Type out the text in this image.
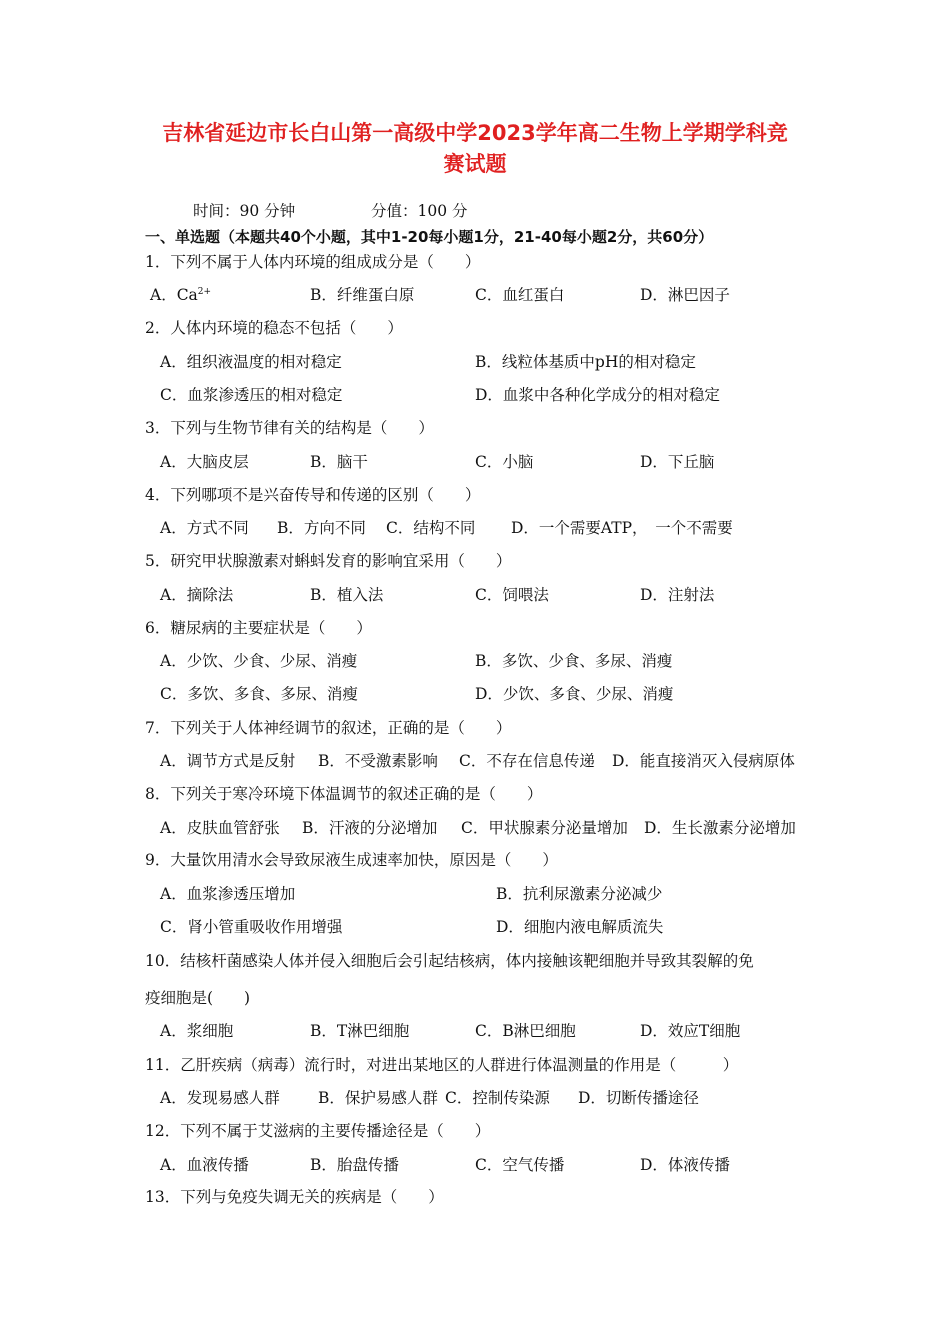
吉林省延边市长白山第一高级中学2023学年高二生物上学期学科竞
赛试题
时间：90 分钟	分值：100 分
一、单选题（本题共40个小题，其中1-20每小题1分，21-40每小题2分，共60分）
1．下列不属于人体内环境的组成成分是（　　）
A．$Ca^{2+}$	B．纤维蛋白原	C．血红蛋白	D．淋巴因子
2．人体内环境的稳态不包括（　　）
A．组织液温度的相对稳定	B．线粒体基质中pH的相对稳定
C．血浆渗透压的相对稳定	D．血浆中各种化学成分的相对稳定
3．下列与生物节律有关的结构是（　　）
A．大脑皮层	B．脑干	C．小脑	D．下丘脑
4．下列哪项不是兴奋传导和传递的区别（　　）
A．方式不同 B．方向不同 C．结构不同 D．一个需要ATP，　一个不需要
5．研究甲状腺激素对蝌蚪发育的影响宜采用（　　）
A．摘除法	B．植入法	C．饲喂法	D．注射法
6．糖尿病的主要症状是（　　）
A．少饮、少食、少尿、消瘦	B．多饮、少食、多尿、消瘦
C．多饮、多食、多尿、消瘦	D．少饮、多食、少尿、消瘦
7．下列关于人体神经调节的叙述，正确的是（　　）
A．调节方式是反射 B．不受激素影响 C．不存在信息传递 D．能直接消灭入侵病原体
8．下列关于寒冷环境下体温调节的叙述正确的是（　　）
A．皮肤血管舒张 B．汗液的分泌增加 C．甲状腺素分泌量增加 D．生长激素分泌增加
9．大量饮用清水会导致尿液生成速率加快，原因是（　　）
A．血浆渗透压增加	B．抗利尿激素分泌减少
C．肾小管重吸收作用增强	D．细胞内液电解质流失
10．结核杆菌感染人体并侵入细胞后会引起结核病，体内接触该靶细胞并导致其裂解的免
疫细胞是(　　)
A．浆细胞	B．T淋巴细胞	C．B淋巴细胞	D．效应T细胞
11．乙肝疾病（病毒）流行时，对进出某地区的人群进行体温测量的作用是（　　　）
A．发现易感人群 B．保护易感人群 C．控制传染源 D．切断传播途径
12．下列不属于艾滋病的主要传播途径是（　　）
A．血液传播	B．胎盘传播	C．空气传播	D．体液传播
13．下列与免疫失调无关的疾病是（　　）
